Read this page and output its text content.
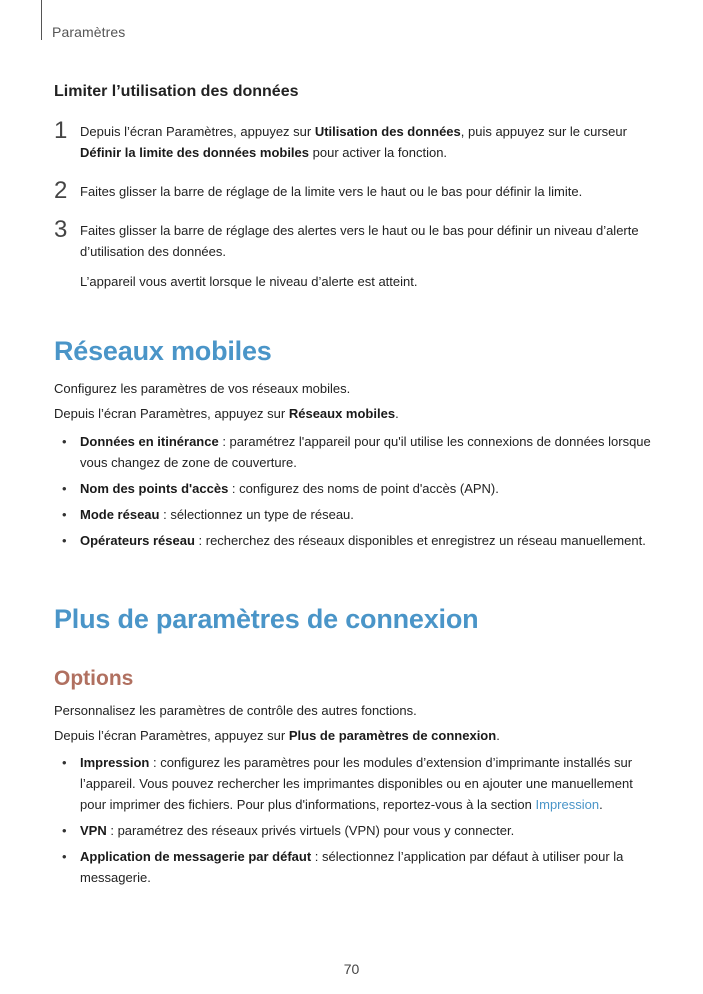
Paramètres
Limiter l’utilisation des données
1 Depuis l’écran Paramètres, appuyez sur Utilisation des données, puis appuyez sur le curseur Définir la limite des données mobiles pour activer la fonction.

2 Faites glisser la barre de réglage de la limite vers le haut ou le bas pour définir la limite.

3 Faites glisser la barre de réglage des alertes vers le haut ou le bas pour définir un niveau d’alerte d’utilisation des données.

L’appareil vous avertit lorsque le niveau d’alerte est atteint.

Réseaux mobiles

Configurez les paramètres de vos réseaux mobiles.

Depuis l’écran Paramètres, appuyez sur Réseaux mobiles.

• Données en itinérance : paramétrez l'appareil pour qu'il utilise les connexions de données lorsque vous changez de zone de couverture.
• Nom des points d'accès : configurez des noms de point d'accès (APN).
• Mode réseau : sélectionnez un type de réseau.
• Opérateurs réseau : recherchez des réseaux disponibles et enregistrez un réseau manuellement.
Plus de paramètres de connexion
Options

Personnalisez les paramètres de contrôle des autres fonctions.

Depuis l’écran Paramètres, appuyez sur Plus de paramètres de connexion.

• Impression : configurez les paramètres pour les modules d’extension d’imprimante installés sur l’appareil. Vous pouvez rechercher les imprimantes disponibles ou en ajouter une manuellement pour imprimer des fichiers. Pour plus d'informations, reportez-vous à la section Impression.
• VPN : paramétrez des réseaux privés virtuels (VPN) pour vous y connecter.
• Application de messagerie par défaut : sélectionnez l’application par défaut à utiliser pour la messagerie.
70
